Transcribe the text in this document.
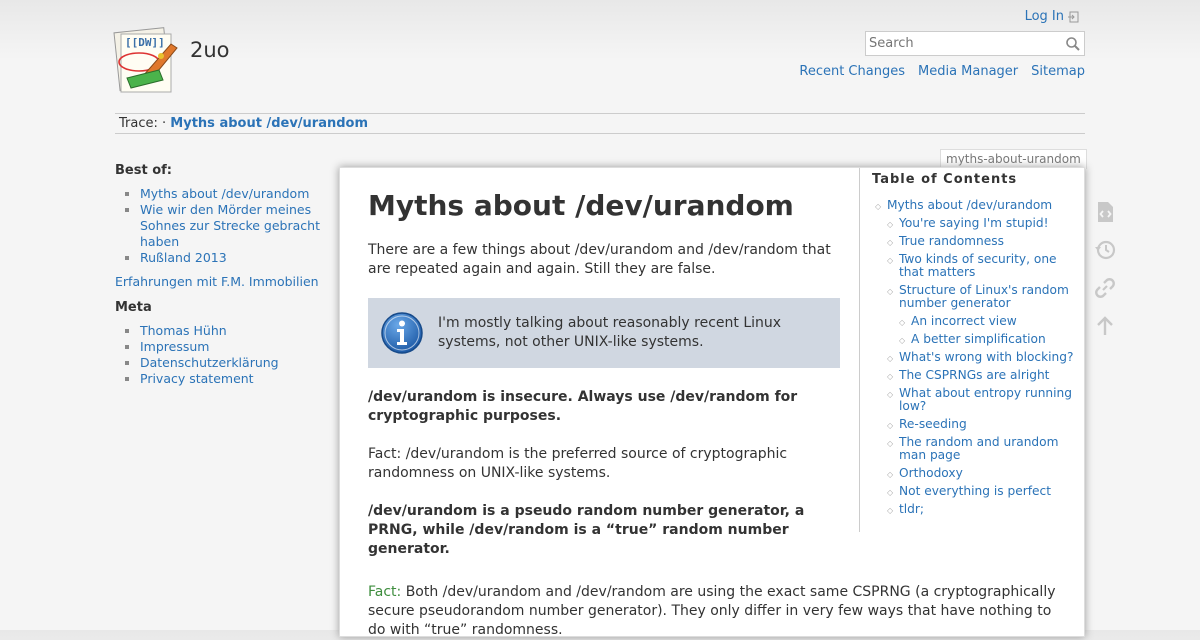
[[DW]] 2uo
Log In
Search
Recent Changes Media Manager Sitemap
Trace: · Myths about /dev/urandom
Best of:
▪ Myths about /dev/urandom
▪ Wie wir den Mörder meines Sohnes zur Strecke gebracht haben
▪ Rußland 2013
Erfahrungen mit F.M. Immobilien
Meta
▪ Thomas Hühn
▪ Impressum
▪ Datenschutzerklärung
▪ Privacy statement
myths-about-urandom
Myths about /dev/urandom

There are a few things about /dev/urandom and /dev/random that are repeated again and again. Still they are false.

I'm mostly talking about reasonably recent Linux systems, not other UNIX-like systems.

/dev/urandom is insecure. Always use /dev/random for cryptographic purposes.

Fact: /dev/urandom is the preferred source of cryptographic randomness on UNIX-like systems.

/dev/urandom is a pseudo random number generator, a PRNG, while /dev/random is a “true” random number generator.

Fact: Both /dev/urandom and /dev/random are using the exact same CSPRNG (a cryptographically secure pseudorandom number generator). They only differ in very few ways that have nothing to do with “true” randomness.
Table of Contents
◇ Myths about /dev/urandom
◇ You're saying I'm stupid!
◇ True randomness
◇ Two kinds of security, one that matters
◇ Structure of Linux's random number generator
◇ An incorrect view
◇ A better simplification
◇ What's wrong with blocking?
◇ The CSPRNGs are alright
◇ What about entropy running low?
◇ Re-seeding
◇ The random and urandom man page
◇ Orthodoxy
◇ Not everything is perfect
◇ tldr;
